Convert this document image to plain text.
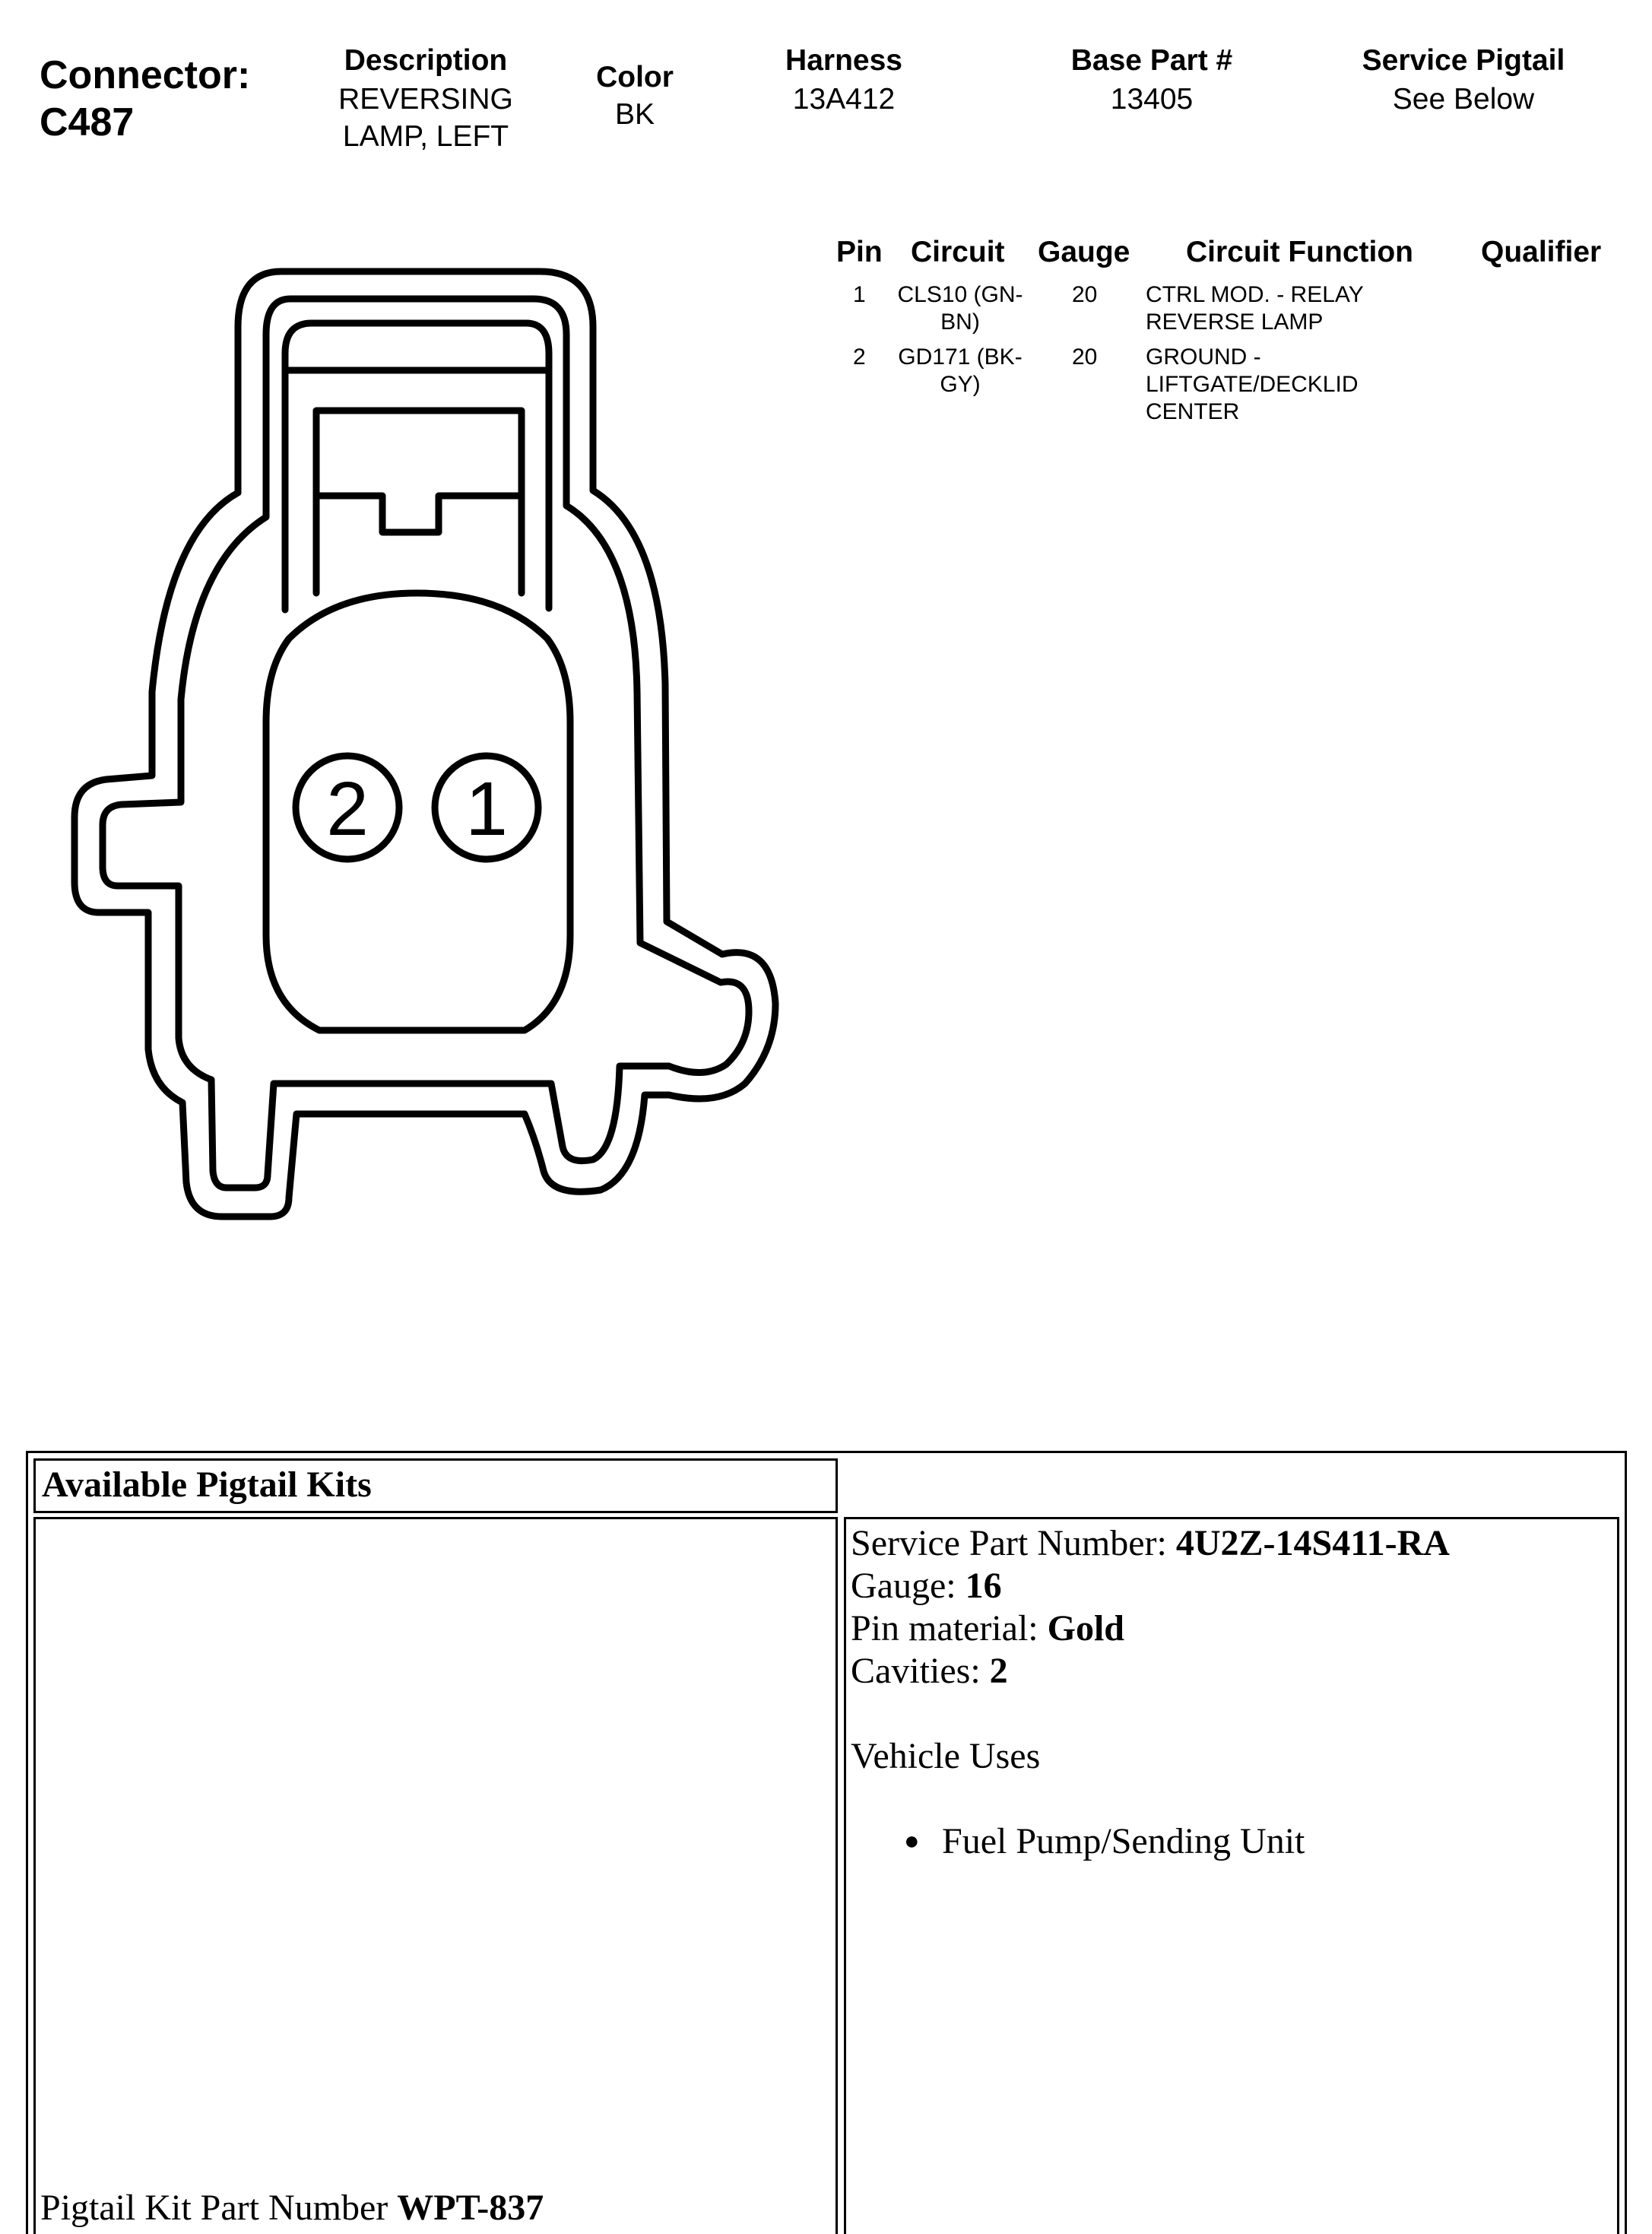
Connector:
C487
Description
REVERSING
LAMP, LEFT
Color
BK
Harness
13A412
Base Part #
13405
Service Pigtail
See Below
Pin Circuit Gauge Circuit Function Qualifier
1	CLS10 (GN-
BN)
20 CTRL MOD. - RELAY
REVERSE LAMP
2	GD171 (BK-
GY)
20 GROUND -
LIFTGATE/DECKLID
CENTER
2 1
Available Pigtail Kits
Pigtail Kit Part Number WPT-837
Service Part Number: 4U2Z-14S411-RA
Gauge: 16
Pin material: Gold
Cavities: 2
Vehicle Uses
● Fuel Pump/Sending Unit
